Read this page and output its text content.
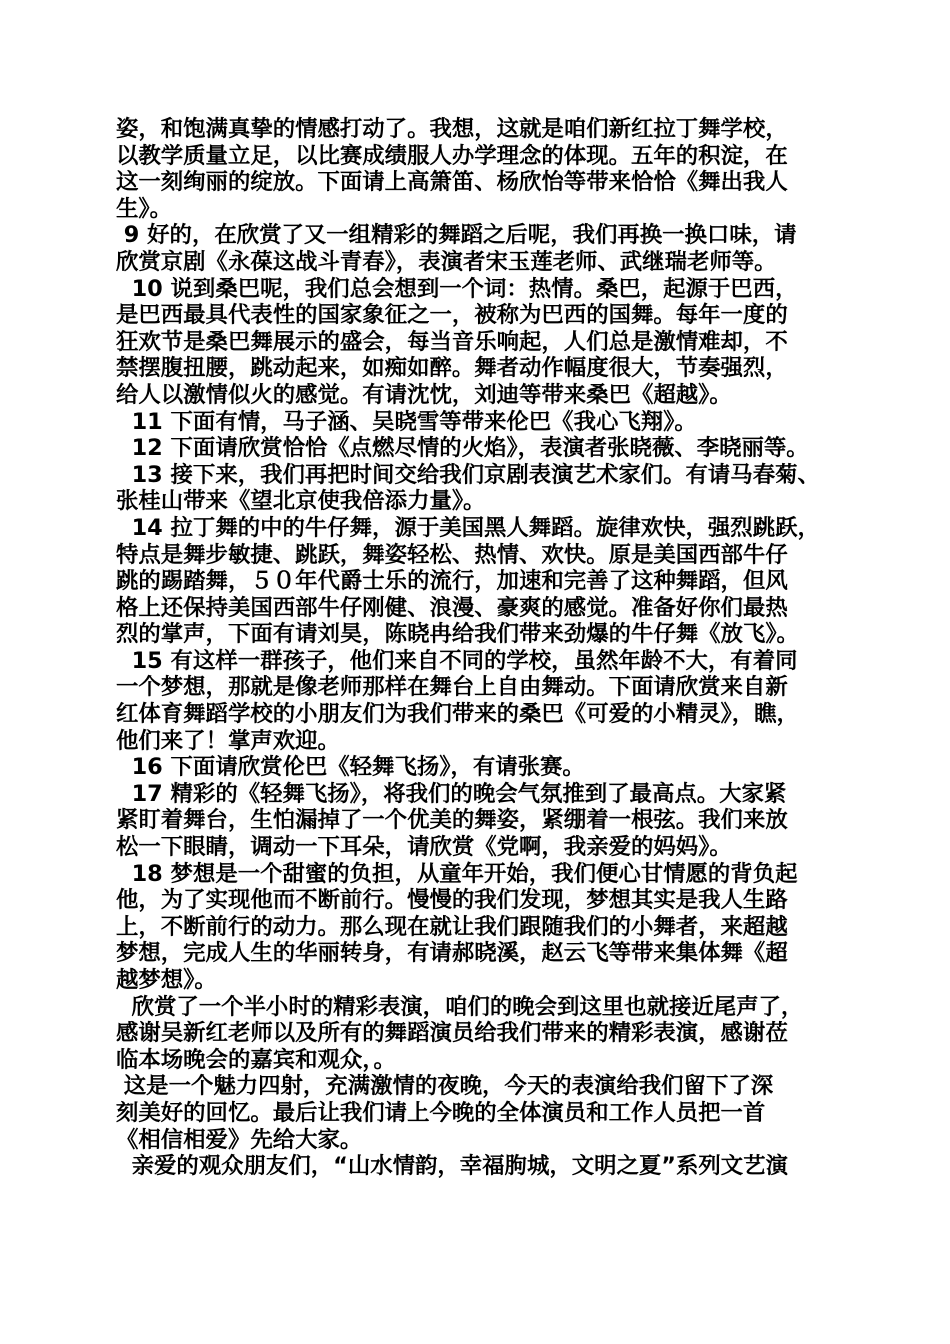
姿，和饱满真挚的情感打动了。我想，这就是咱们新红拉丁舞学校，
以教学质量立足，以比赛成绩服人办学理念的体现。五年的积淀，在
这一刻绚丽的绽放。下面请上高箫笛、杨欣怡等带来恰恰《舞出我人
生》。
9 好的，在欣赏了又一组精彩的舞蹈之后呢，我们再换一换口味，请
欣赏京剧《永葆这战斗青春》，表演者宋玉莲老师、武继瑞老师等。
10 说到桑巴呢，我们总会想到一个词：热情。桑巴，起源于巴西，
是巴西最具代表性的国家象征之一，被称为巴西的国舞。每年一度的
狂欢节是桑巴舞展示的盛会，每当音乐响起，人们总是激情难却，不
禁摆腹扭腰，跳动起来，如痴如醉。舞者动作幅度很大，节奏强烈，
给人以激情似火的感觉。有请沈忱，刘迪等带来桑巴《超越》。
11 下面有情，马子涵、吴晓雪等带来伦巴《我心飞翔》。
12 下面请欣赏恰恰《点燃尽情的火焰》，表演者张晓薇、李晓丽等。
13 接下来，我们再把时间交给我们京剧表演艺术家们。有请马春菊、
张桂山带来《望北京使我倍添力量》。
14 拉丁舞的中的牛仔舞，源于美国黑人舞蹈。旋律欢快，强烈跳跃，
特点是舞步敏捷、跳跃，舞姿轻松、热情、欢快。原是美国西部牛仔
跳的踢踏舞，５０年代爵士乐的流行，加速和完善了这种舞蹈，但风
格上还保持美国西部牛仔刚健、浪漫、豪爽的感觉。准备好你们最热
烈的掌声，下面有请刘昊，陈晓冉给我们带来劲爆的牛仔舞《放飞》。
15 有这样一群孩子，他们来自不同的学校，虽然年龄不大，有着同
一个梦想，那就是像老师那样在舞台上自由舞动。下面请欣赏来自新
红体育舞蹈学校的小朋友们为我们带来的桑巴《可爱的小精灵》，瞧，
他们来了！掌声欢迎。
16 下面请欣赏伦巴《轻舞飞扬》，有请张赛。
17 精彩的《轻舞飞扬》，将我们的晚会气氛推到了最高点。大家紧
紧盯着舞台，生怕漏掉了一个优美的舞姿，紧绷着一根弦。我们来放
松一下眼睛，调动一下耳朵，请欣赏《党啊，我亲爱的妈妈》。
18 梦想是一个甜蜜的负担，从童年开始，我们便心甘情愿的背负起
他，为了实现他而不断前行。慢慢的我们发现，梦想其实是我人生路
上，不断前行的动力。那么现在就让我们跟随我们的小舞者，来超越
梦想，完成人生的华丽转身，有请郝晓溪，赵云飞等带来集体舞《超
越梦想》。
欣赏了一个半小时的精彩表演，咱们的晚会到这里也就接近尾声了，
感谢吴新红老师以及所有的舞蹈演员给我们带来的精彩表演，感谢莅
临本场晚会的嘉宾和观众，。
这是一个魅力四射，充满激情的夜晚，今天的表演给我们留下了深
刻美好的回忆。最后让我们请上今晚的全体演员和工作人员把一首
《相信相爱》先给大家。
亲爱的观众朋友们，“山水情韵，幸福朐城，文明之夏”系列文艺演
